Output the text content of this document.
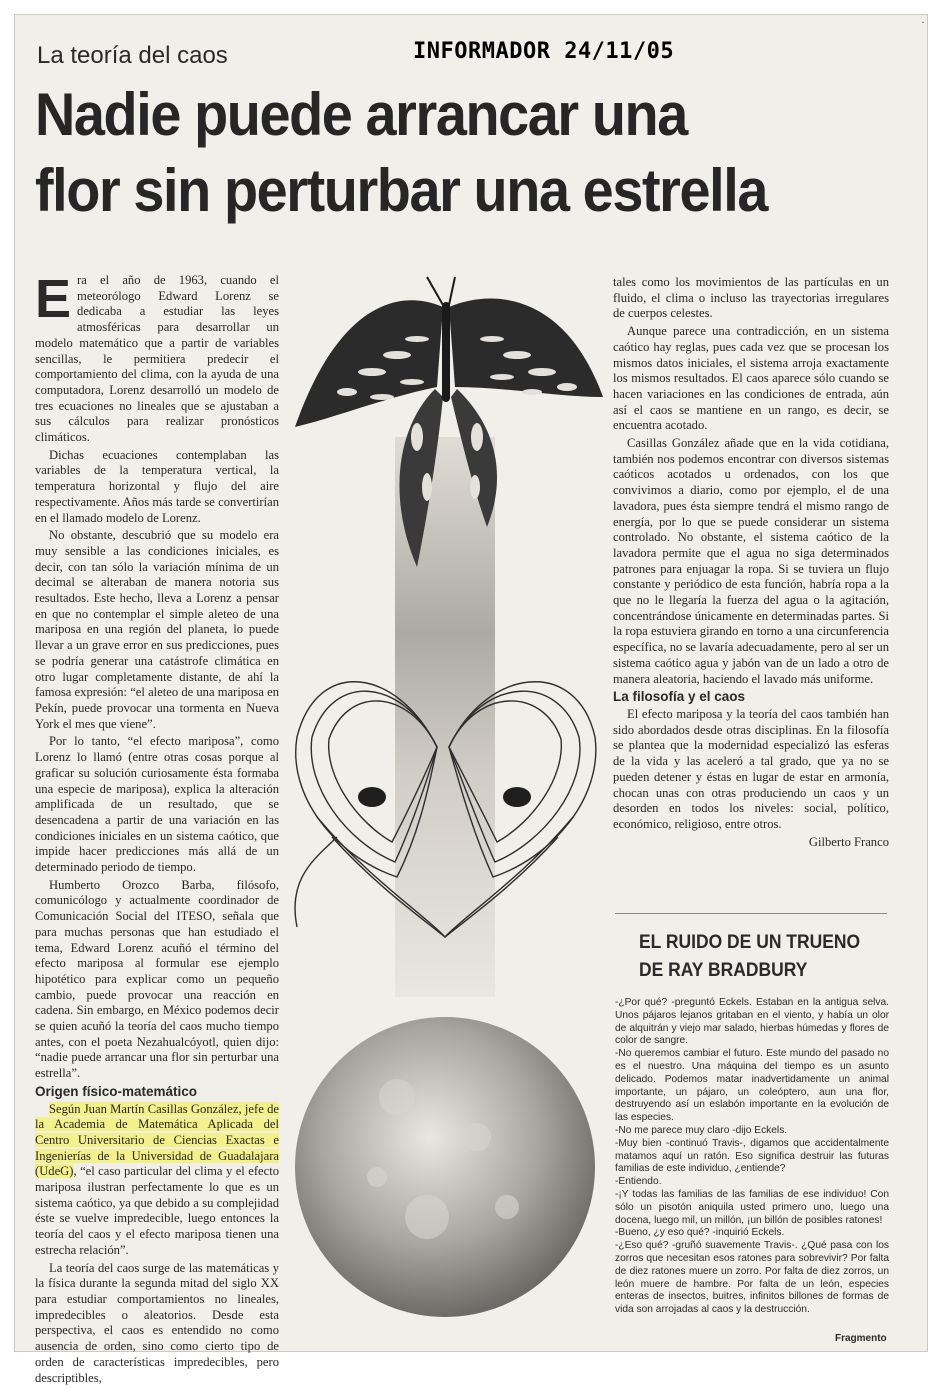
·
La teoría del caos	INFORMADOR 24/11/05
Nadie puede arrancar una
flor sin perturbar una estrella

Era el año de 1963, cuando el meteorólogo Edward Lorenz se dedicaba a estudiar las leyes atmosféricas para desarrollar un modelo matemático que a partir de variables sencillas, le permitiera predecir el comportamiento del clima, con la ayuda de una computadora, Lorenz desarrolló un modelo de tres ecuaciones no lineales que se ajustaban a sus cálculos para realizar pronósticos climáticos.

Dichas ecuaciones contemplaban las variables de la temperatura vertical, la temperatura horizontal y flujo del aire respectivamente. Años más tarde se convertirían en el llamado modelo de Lorenz.

No obstante, descubrió que su modelo era muy sensible a las condiciones iniciales, es decir, con tan sólo la variación mínima de un decimal se alteraban de manera notoria sus resultados. Este hecho, lleva a Lorenz a pensar en que no contemplar el simple aleteo de una mariposa en una región del planeta, lo puede llevar a un grave error en sus predicciones, pues se podría generar una catástrofe climática en otro lugar completamente distante, de ahí la famosa expresión: “el aleteo de una mariposa en Pekín, puede provocar una tormenta en Nueva York el mes que viene”.

Por lo tanto, “el efecto mariposa”, como Lorenz lo llamó (entre otras cosas porque al graficar su solución curiosamente ésta formaba una especie de mariposa), explica la alteración amplificada de un resultado, que se desencadena a partir de una variación en las condiciones iniciales en un sistema caótico, que impide hacer predicciones más allá de un determinado periodo de tiempo.

Humberto Orozco Barba, filósofo, comunicólogo y actualmente coordinador de Comunicación Social del ITESO, señala que para muchas personas que han estudiado el tema, Edward Lorenz acuñó el término del efecto mariposa al formular ese ejemplo hipotético para explicar como un pequeño cambio, puede provocar una reacción en cadena. Sin embargo, en México podemos decir se quien acuñó la teoría del caos mucho tiempo antes, con el poeta Nezahualcóyotl, quien dijo: “nadie puede arrancar una flor sin perturbar una estrella”.

Origen físico-matemático

Según Juan Martín Casillas González, jefe de la Academia de Matemática Aplicada del Centro Universitario de Ciencias Exactas e Ingenierías de la Universidad de Guadalajara (UdeG), “el caso particular del clima y el efecto mariposa ilustran perfectamente lo que es un sistema caótico, ya que debido a su complejidad éste se vuelve impredecible, luego entonces la teoría del caos y el efecto mariposa tienen una estrecha relación”.

La teoría del caos surge de las matemáticas y la física durante la segunda mitad del siglo XX para estudiar comportamientos no lineales, impredecibles o aleatorios. Desde esta perspectiva, el caos es entendido no como ausencia de orden, sino como cierto tipo de orden de características impredecibles, pero descriptibles,

tales como los movimientos de las partículas en un fluido, el clima o incluso las trayectorias irregulares de cuerpos celestes.

Aunque parece una contradicción, en un sistema caótico hay reglas, pues cada vez que se procesan los mismos datos iniciales, el sistema arroja exactamente los mismos resultados. El caos aparece sólo cuando se hacen variaciones en las condiciones de entrada, aún así el caos se mantiene en un rango, es decir, se encuentra acotado.

Casillas González añade que en la vida cotidiana, también nos podemos encontrar con diversos sistemas caóticos acotados u ordenados, con los que convivimos a diario, como por ejemplo, el de una lavadora, pues ésta siempre tendrá el mismo rango de energía, por lo que se puede considerar un sistema controlado. No obstante, el sistema caótico de la lavadora permite que el agua no siga determinados patrones para enjuagar la ropa. Si se tuviera un flujo constante y periódico de esta función, habría ropa a la que no le llegaría la fuerza del agua o la agitación, concentrándose únicamente en determinadas partes. Si la ropa estuviera girando en torno a una circunferencia específica, no se lavaría adecuadamente, pero al ser un sistema caótico agua y jabón van de un lado a otro de manera aleatoria, haciendo el lavado más uniforme.

La filosofía y el caos

El efecto mariposa y la teoría del caos también han sido abordados desde otras disciplinas. En la filosofía se plantea que la modernidad especializó las esferas de la vida y las aceleró a tal grado, que ya no se pueden detener y éstas en lugar de estar en armonía, chocan unas con otras produciendo un caos y un desorden en todos los niveles: social, político, económico, religioso, entre otros.

Gilberto Franco

EL RUIDO DE UN TRUENO
DE RAY BRADBURY

-¿Por qué? -preguntó Eckels. Estaban en la antigua selva. Unos pájaros lejanos gritaban en el viento, y había un olor de alquitrán y viejo mar salado, hierbas húmedas y flores de color de sangre.

-No queremos cambiar el futuro. Este mundo del pasado no es el nuestro. Una máquina del tiempo es un asunto delicado. Podemos matar inadvertidamente un animal importante, un pájaro, un coleóptero, aun una flor, destruyendo así un eslabón importante en la evolución de las especies.

-No me parece muy claro -dijo Eckels.

-Muy bien -continuó Travis-, digamos que accidentalmente matamos aquí un ratón. Eso significa destruir las futuras familias de este individuo, ¿entiende?

-Entiendo.

-¡Y todas las familias de las familias de ese individuo! Con sólo un pisotón aniquila usted primero uno, luego una docena, luego mil, un millón, ¡un billón de posibles ratones!

-Bueno, ¿y eso qué? -inquirió Eckels.

-¿Eso qué? -gruñó suavemente Travis-. ¿Qué pasa con los zorros que necesitan esos ratones para sobrevivir? Por falta de diez ratones muere un zorro. Por falta de diez zorros, un león muere de hambre. Por falta de un león, especies enteras de insectos, buitres, infinitos billones de formas de vida son arrojadas al caos y la destrucción.

Fragmento
